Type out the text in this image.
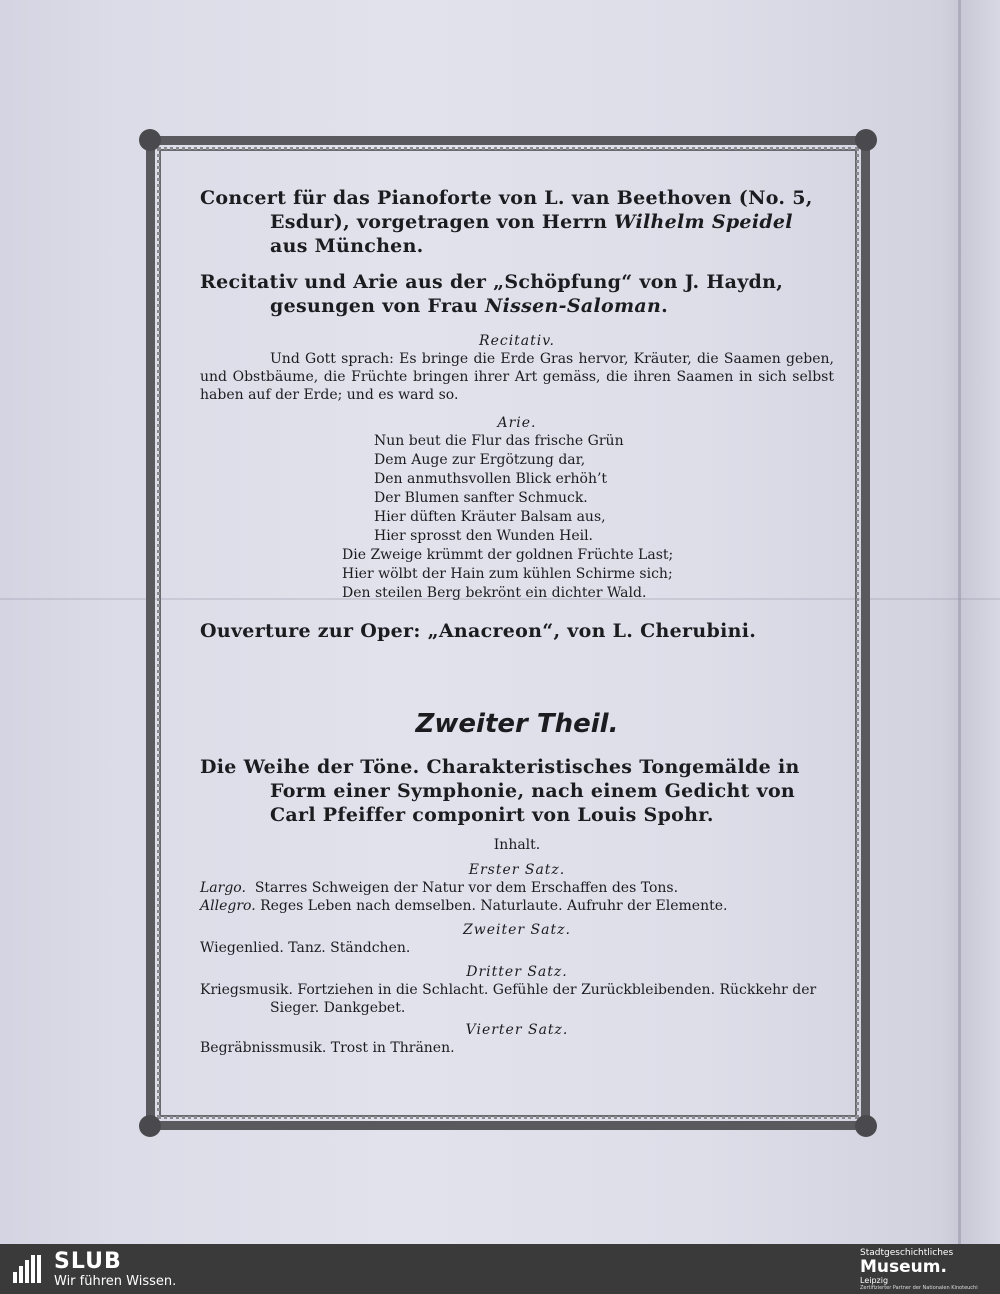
Concert für das Pianoforte von L. van Beethoven (No. 5, Esdur), vorgetragen von Herrn Wilhelm Speidel aus München.

Recitativ und Arie aus der „Schöpfung“ von J. Haydn, gesungen von Frau Nissen-Saloman.

Recitativ.

Und Gott sprach: Es bringe die Erde Gras hervor, Kräuter, die Saamen geben, und Obstbäume, die Früchte bringen ihrer Art gemäss, die ihren Saamen in sich selbst haben auf der Erde; und es ward so.

Arie.

Nun beut die Flur das frische Grün
Dem Auge zur Ergötzung dar,
Den anmuthsvollen Blick erhöh’t
Der Blumen sanfter Schmuck.
Hier düften Kräuter Balsam aus,
Hier sprosst den Wunden Heil.
Die Zweige krümmt der goldnen Früchte Last;
Hier wölbt der Hain zum kühlen Schirme sich;
Den steilen Berg bekrönt ein dichter Wald.

Ouverture zur Oper: „Anacreon“, von L. Cherubini.

Zweiter Theil.

Die Weihe der Töne. Charakteristisches Tongemälde in Form einer Symphonie, nach einem Gedicht von Carl Pfeiffer componirt von Louis Spohr.

Inhalt.

Erster Satz.

Largo. Starres Schweigen der Natur vor dem Erschaffen des Tons.

Allegro. Reges Leben nach demselben. Naturlaute. Aufruhr der Elemente.

Zweiter Satz.

Wiegenlied. Tanz. Ständchen.

Dritter Satz.

Kriegsmusik. Fortziehen in die Schlacht. Gefühle der Zurückbleibenden. Rückkehr der Sieger. Dankgebet.

Vierter Satz.

Begräbnissmusik. Trost in Thränen.

SLUB
Wir führen Wissen.
Stadtgeschichtliches
Museum.
Leipzig
Zertifizierter Partner der Nationalen Kinoteuchi
